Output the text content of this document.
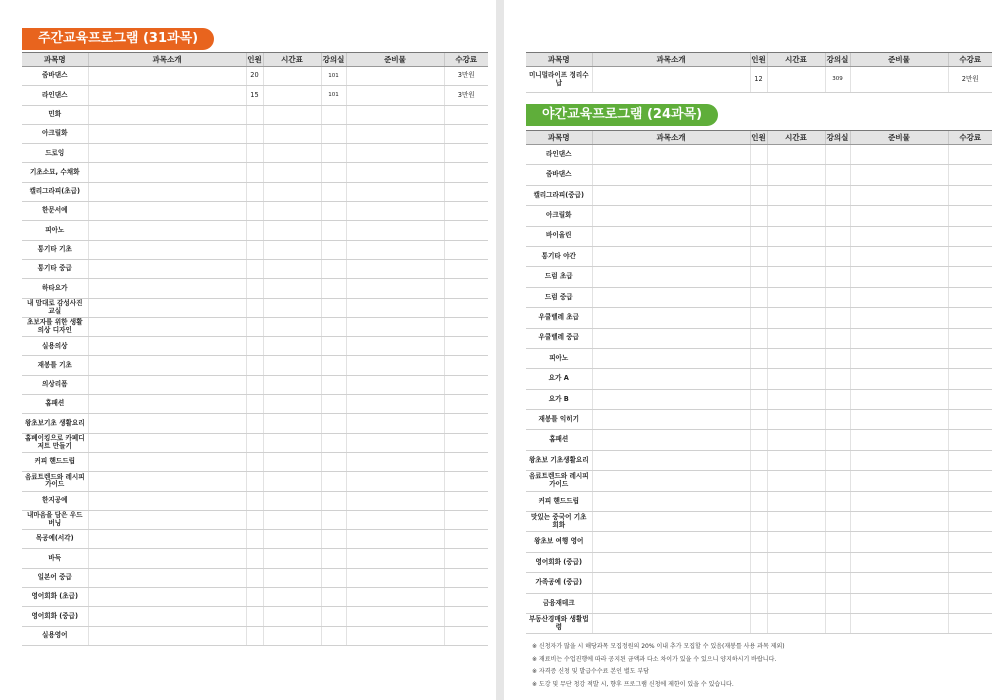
주간교육프로그램 (31과목)
과목명	과목소개	인원	시간표	강의실	준비물	수강료
줌바댄스		20		101		3만원
라인댄스		15		101		3만원
민화						
아크릴화						
드로잉						
기초소묘, 수채화						
캘리그라피(초급)						
한문서예						
피아노						
통기타 기초						
통기타 중급						
하타요가						
내 맘대로 감성사진 교실						
초보자를 위한 생활의상 디자인						
실용의상						
재봉틀 기초						
의상리폼						
홈패션						
왕초보기초 생활요리						
홈베이킹으로 카페디저트 만들기						
커피 핸드드립						
음료트렌드와 레시피가이드						
한지공예						
내마음을 담은 우드버닝						
목공예(서각)						
바둑						
일본어 중급						
영어회화 (초급)						
영어회화 (중급)						
실용영어						
과목명	과목소개	인원	시간표	강의실	준비물	수강료
미니멀라이프 정리수납		12		309		2만원
야간교육프로그램 (24과목)
과목명	과목소개	인원	시간표	강의실	준비물	수강료
라인댄스						
줌바댄스						
캘리그라피(중급)						
아크릴화						
바이올린						
통기타 야간						
드럼 초급						
드럼 중급						
우쿨렐레 초급						
우쿨렐레 중급						
피아노						
요가 A						
요가 B						
재봉틀 익히기						
홈패션						
왕초보 기초생활요리						
음료트렌드와 레시피가이드						
커피 핸드드립						
맛있는 중국어 기초회화						
왕초보 여행 영어						
영어회화 (중급)						
가족공예 (중급)						
금융재테크						
부동산경매와 생활법령						
※ 신청자가 많을 시 해당과목 모집정원의 20% 이내 추가 모집할 수 있음(재봉틀 사용 과목 제외)
※ 재료비는 수업진행에 따라 공지된 금액과 다소 차이가 있을 수 있으니 양지하시기 바랍니다.
※ 자격증 신청 및 발급수수료 본인 별도 부담
※ 도강 및 무단 청강 적발 시, 향후 프로그램 신청에 제한이 있을 수 있습니다.
